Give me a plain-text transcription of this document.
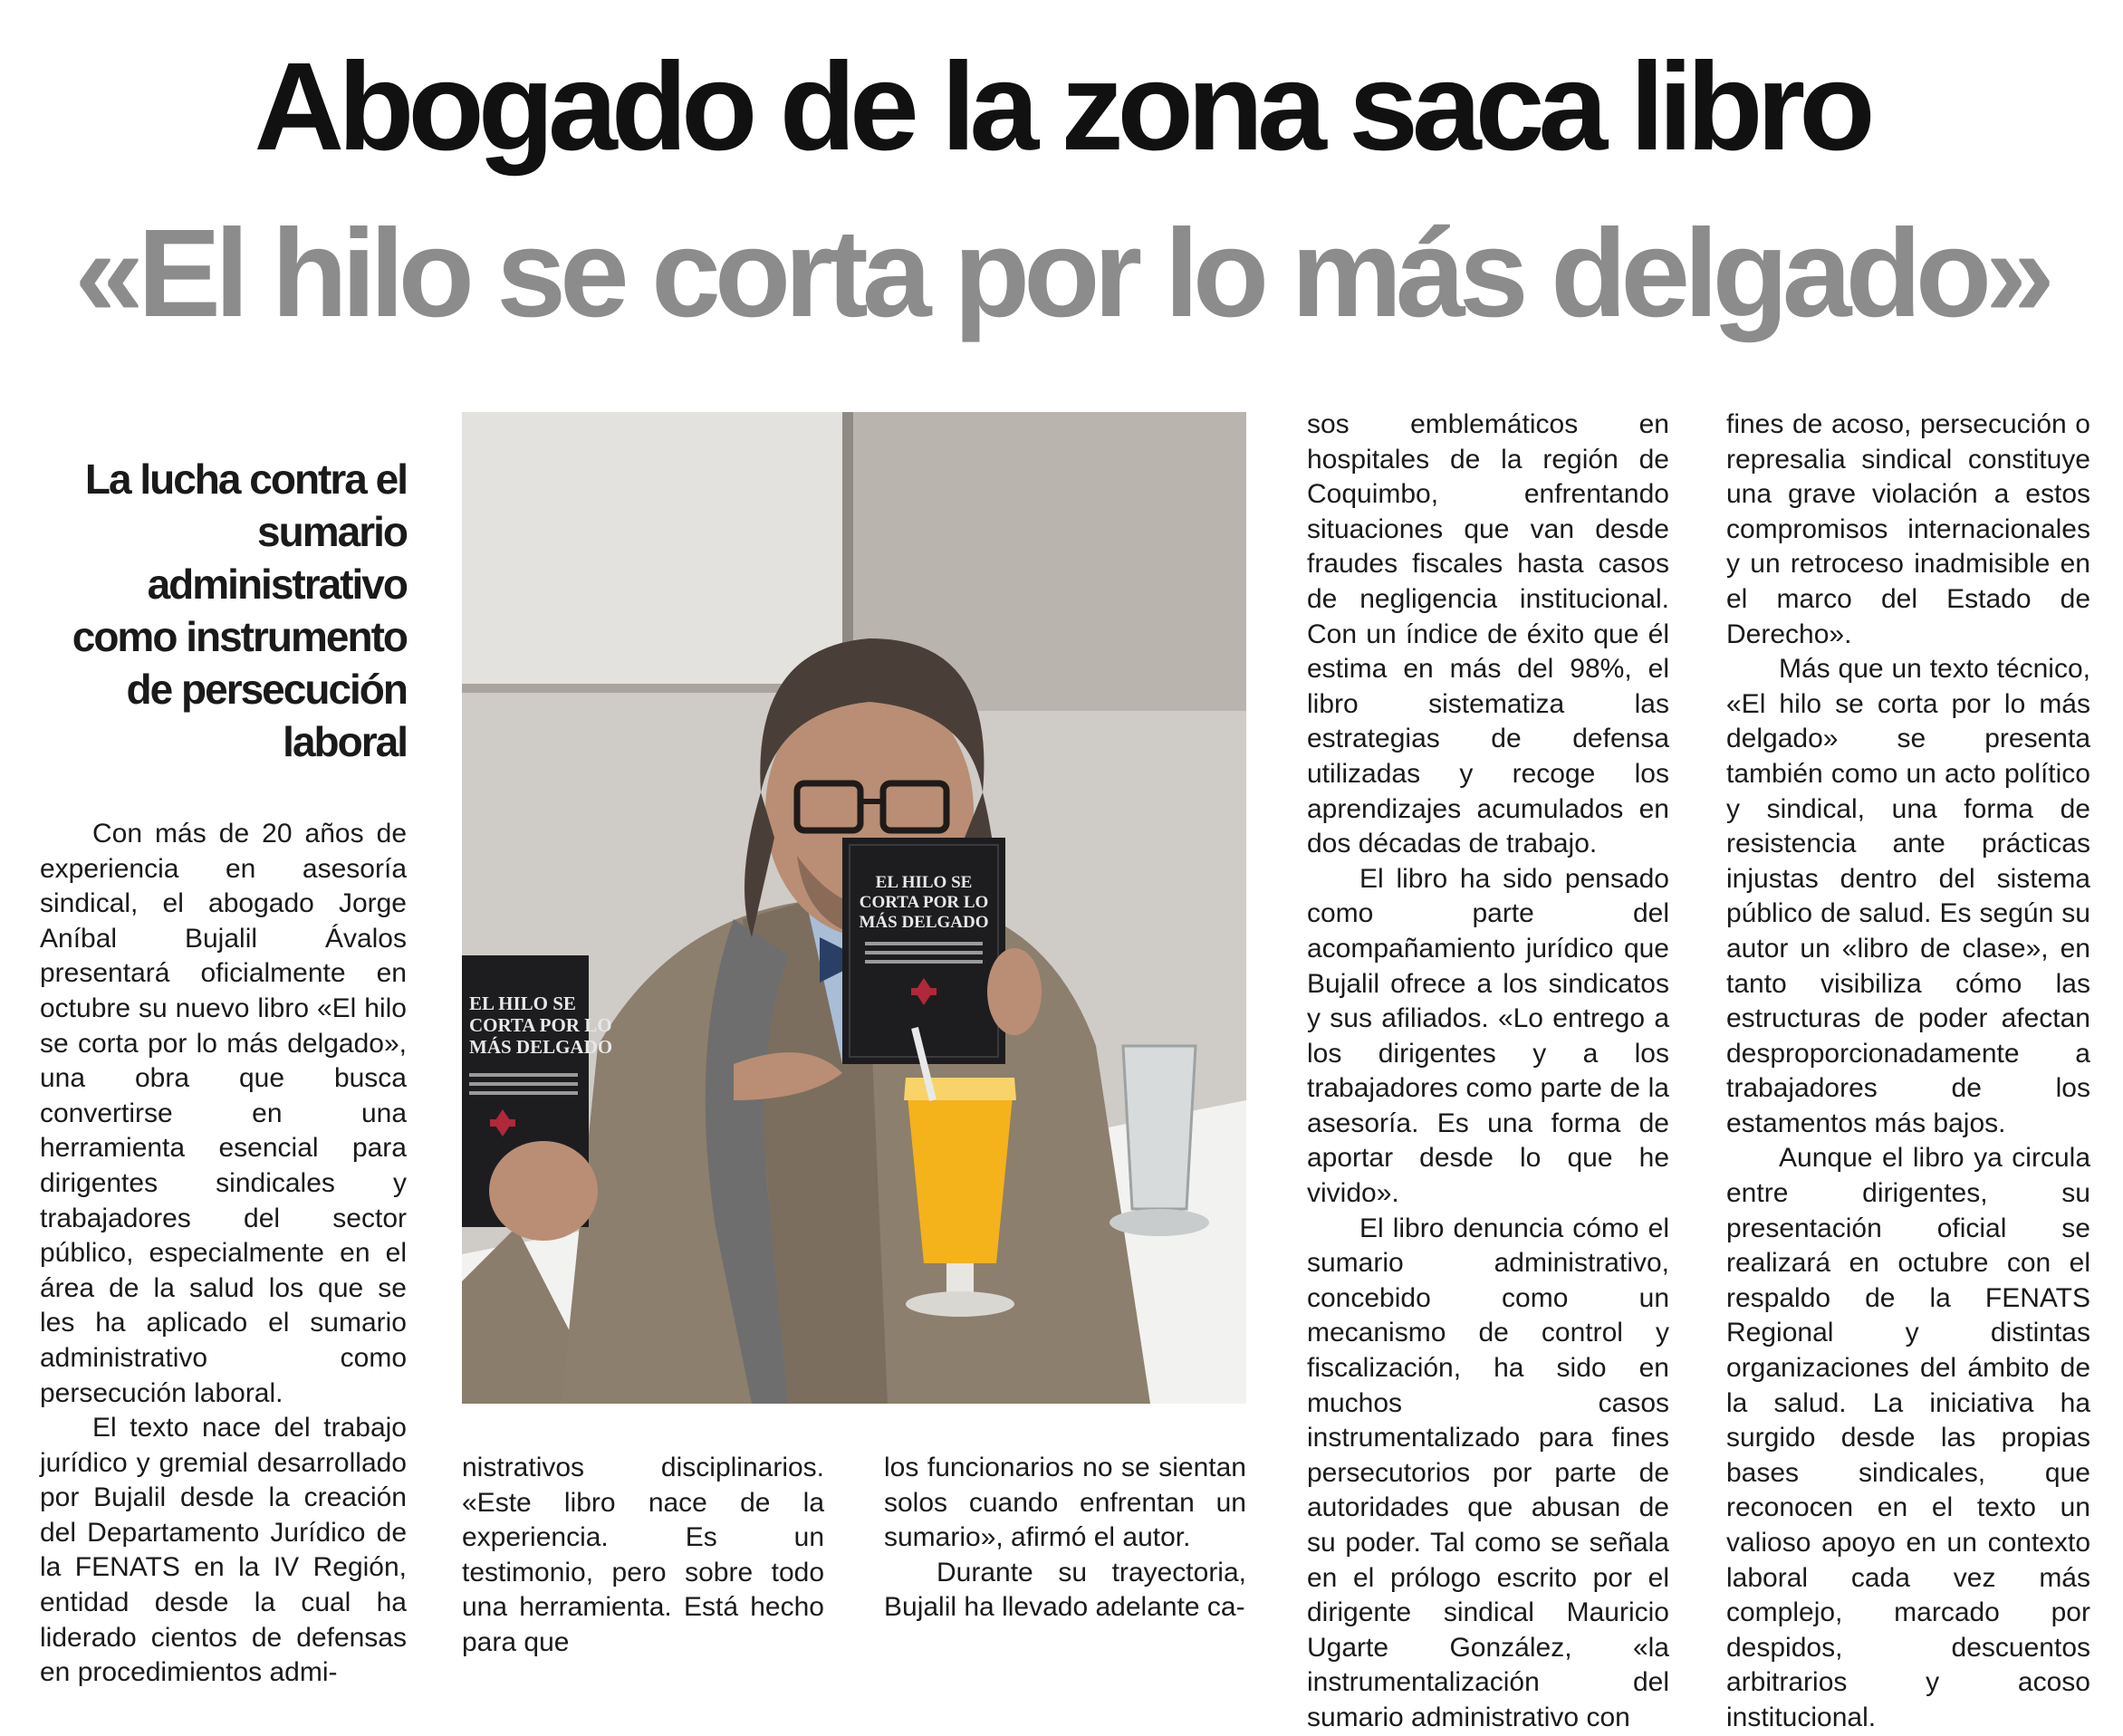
Abogado de la zona saca libro
«El hilo se corta por lo más delgado»
La lucha contra el sumario administrativo como instrumento de persecución laboral

Con más de 20 años de experiencia en asesoría sindical, el abogado Jorge Aníbal Bujalil Ávalos presentará oficialmente en octubre su nuevo libro «El hilo se corta por lo más delgado», una obra que busca convertirse en una herramienta esencial para dirigentes sindicales y trabajadores del sector público, especialmente en el área de la salud los que se les ha aplicado el sumario administrativo como persecución laboral.

El texto nace del trabajo jurídico y gremial desarrollado por Bujalil desde la creación del Departamento Jurídico de la FENATS en la IV Región, entidad desde la cual ha liderado cientos de defensas en procedimientos admi-

EL HILO SE
CORTA POR LO
MÁS DELGADO
EL HILO SE
CORTA POR LO
MÁS DELGADO

nistrativos disciplinarios. «Este libro nace de la experiencia. Es un testimonio, pero sobre todo una herramienta. Está hecho para que

los funcionarios no se sientan solos cuando enfrentan un sumario», afirmó el autor.

Durante su trayectoria, Bujalil ha llevado adelante ca-

sos emblemáticos en hospitales de la región de Coquimbo, enfrentando situaciones que van desde fraudes fiscales hasta casos de negligencia institucional. Con un índice de éxito que él estima en más del 98%, el libro sistematiza las estrategias de defensa utilizadas y recoge los aprendizajes acumulados en dos décadas de trabajo.

El libro ha sido pensado como parte del acompañamiento jurídico que Bujalil ofrece a los sindicatos y sus afiliados. «Lo entrego a los dirigentes y a los trabajadores como parte de la asesoría. Es una forma de aportar desde lo que he vivido».

El libro denuncia cómo el sumario administrativo, concebido como un mecanismo de control y fiscalización, ha sido en muchos casos instrumentalizado para fines persecutorios por parte de autoridades que abusan de su poder. Tal como se señala en el prólogo escrito por el dirigente sindical Mauricio Ugarte González, «la instrumentalización del sumario administrativo con

fines de acoso, persecución o represalia sindical constituye una grave violación a estos compromisos internacionales y un retroceso inadmisible en el marco del Estado de Derecho».

Más que un texto técnico, «El hilo se corta por lo más delgado» se presenta también como un acto político y sindical, una forma de resistencia ante prácticas injustas dentro del sistema público de salud. Es según su autor un «libro de clase», en tanto visibiliza cómo las estructuras de poder afectan desproporcionadamente a trabajadores de los estamentos más bajos.

Aunque el libro ya circula entre dirigentes, su presentación oficial se realizará en octubre con el respaldo de la FENATS Regional y distintas organizaciones del ámbito de la salud. La iniciativa ha surgido desde las propias bases sindicales, que reconocen en el texto un valioso apoyo en un contexto laboral cada vez más complejo, marcado por despidos, descuentos arbitrarios y acoso institucional.
